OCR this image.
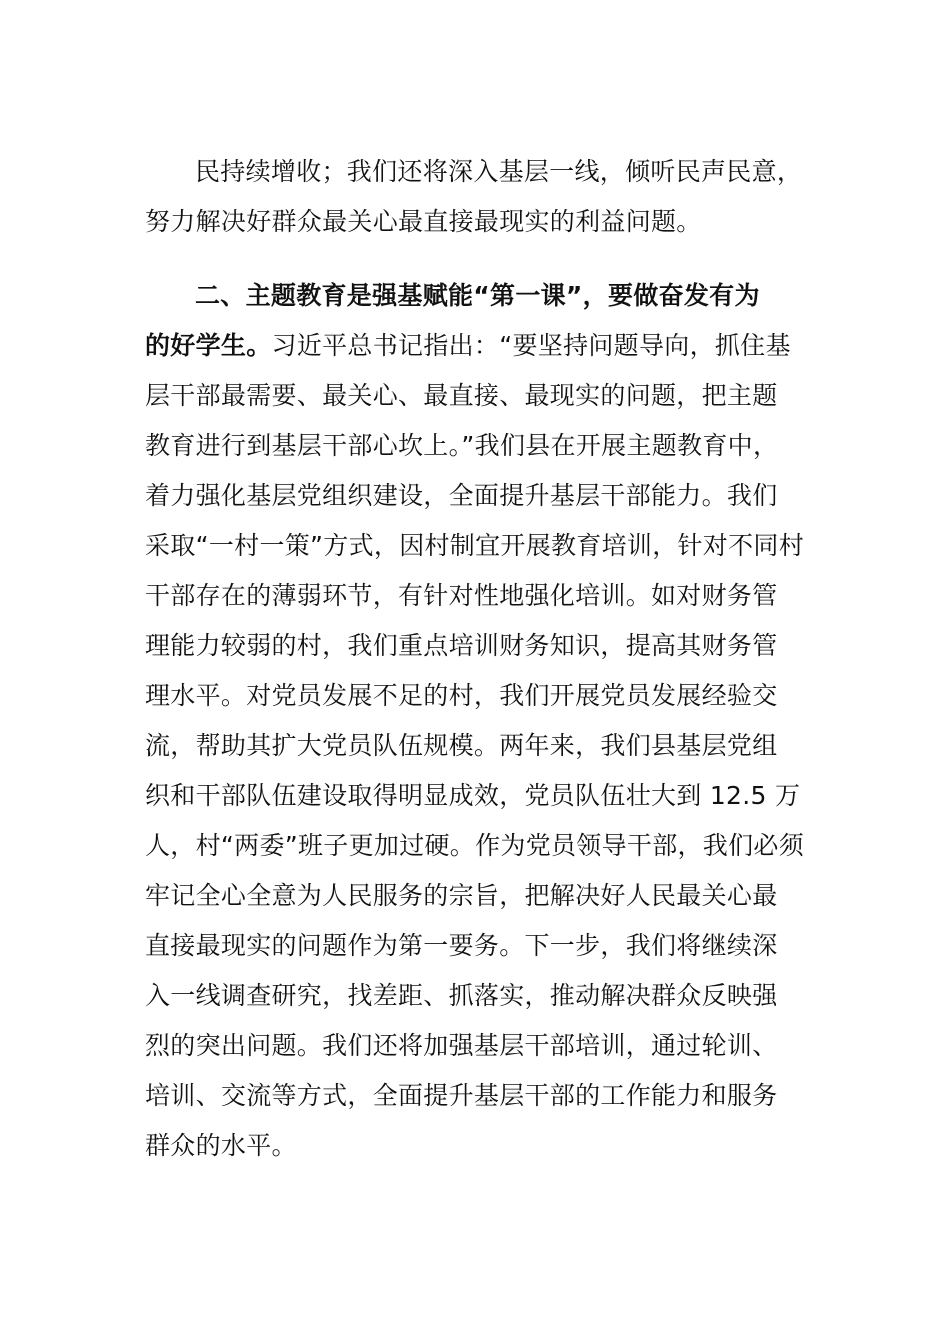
民持续增收；我们还将深入基层一线，倾听民声民意，
努力解决好群众最关心最直接最现实的利益问题。
二、主题教育是强基赋能“第一课”，要做奋发有为
的好学生。习近平总书记指出：“要坚持问题导向，抓住基
层干部最需要、最关心、最直接、最现实的问题，把主题
教育进行到基层干部心坎上。”我们县在开展主题教育中，
着力强化基层党组织建设，全面提升基层干部能力。我们
采取“一村一策”方式，因村制宜开展教育培训，针对不同村
干部存在的薄弱环节，有针对性地强化培训。如对财务管
理能力较弱的村，我们重点培训财务知识，提高其财务管
理水平。对党员发展不足的村，我们开展党员发展经验交
流，帮助其扩大党员队伍规模。两年来，我们县基层党组
织和干部队伍建设取得明显成效，党员队伍壮大到 12.5 万
人，村“两委”班子更加过硬。作为党员领导干部，我们必须
牢记全心全意为人民服务的宗旨，把解决好人民最关心最
直接最现实的问题作为第一要务。下一步，我们将继续深
入一线调查研究，找差距、抓落实，推动解决群众反映强
烈的突出问题。我们还将加强基层干部培训，通过轮训、
培训、交流等方式，全面提升基层干部的工作能力和服务
群众的水平。
